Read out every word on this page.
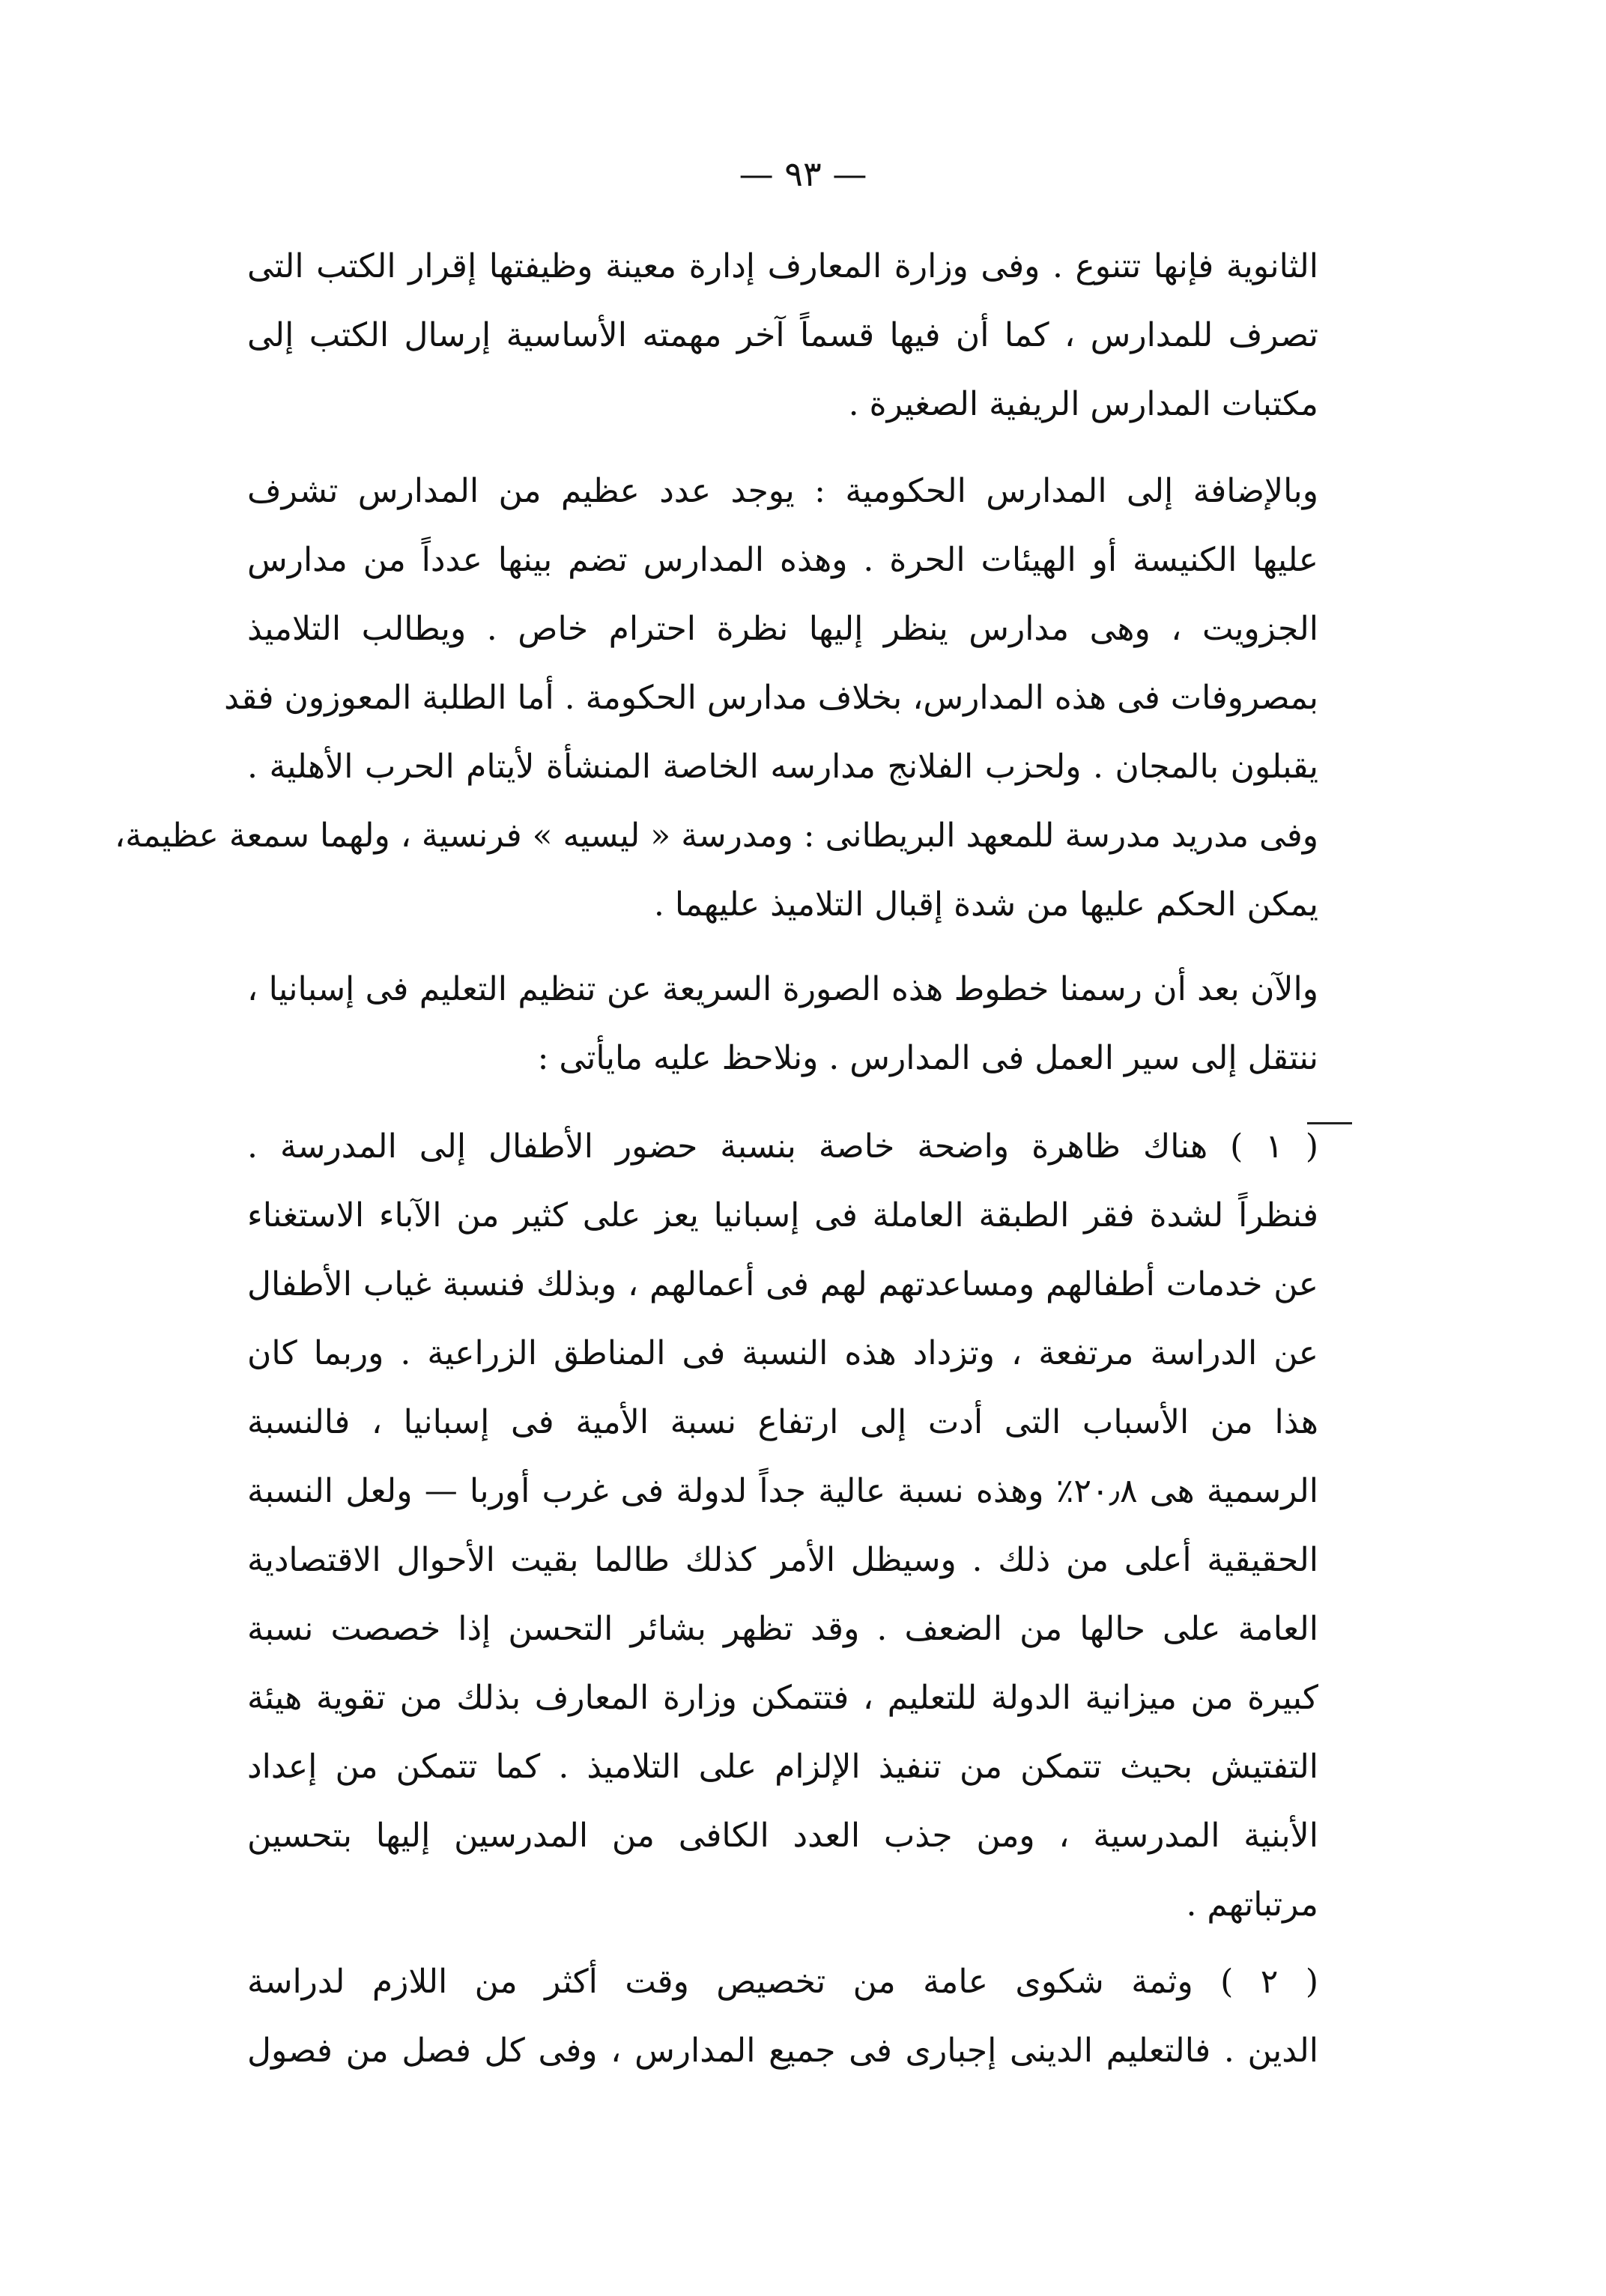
— ٩٣ —
الثانوية فإنها تتنوع . وفى وزارة المعارف إدارة معينة وظيفتها إقرار الكتب التى
تصرف للمدارس ، كما أن فيها قسماً آخر مهمته الأساسية إرسال الكتب إلى
مكتبات المدارس الريفية الصغيرة .
وبالإضافة إلى المدارس الحكومية : يوجد عدد عظيم من المدارس تشرف
عليها الكنيسة أو الهيئات الحرة . وهذه المدارس تضم بينها عدداً من مدارس
الجزويت ، وهى مدارس ينظر إليها نظرة احترام خاص . ويطالب التلاميذ
بمصروفات فى هذه المدارس، بخلاف مدارس الحكومة . أما الطلبة المعوزون فقد
يقبلون بالمجان . ولحزب الفلانج مدارسه الخاصة المنشأة لأيتام الحرب الأهلية .
وفى مدريد مدرسة للمعهد البريطانى : ومدرسة « ليسيه » فرنسية ، ولهما سمعة عظيمة،
يمكن الحكم عليها من شدة إقبال التلاميذ عليهما .
والآن بعد أن رسمنا خطوط هذه الصورة السريعة عن تنظيم التعليم فى إسبانيا ،
ننتقل إلى سير العمل فى المدارس . ونلاحظ عليه مايأتى :
( ١ ) هناك ظاهرة واضحة خاصة بنسبة حضور الأطفال إلى المدرسة .
فنظراً لشدة فقر الطبقة العاملة فى إسبانيا يعز على كثير من الآباء الاستغناء
عن خدمات أطفالهم ومساعدتهم لهم فى أعمالهم ، وبذلك فنسبة غياب الأطفال
عن الدراسة مرتفعة ، وتزداد هذه النسبة فى المناطق الزراعية . وربما كان
هذا من الأسباب التى أدت إلى ارتفاع نسبة الأمية فى إسبانيا ، فالنسبة
الرسمية هى ٢٠٫٨٪ وهذه نسبة عالية جداً لدولة فى غرب أوربا — ولعل النسبة
الحقيقية أعلى من ذلك . وسيظل الأمر كذلك طالما بقيت الأحوال الاقتصادية
العامة على حالها من الضعف . وقد تظهر بشائر التحسن إذا خصصت نسبة
كبيرة من ميزانية الدولة للتعليم ، فتتمكن وزارة المعارف بذلك من تقوية هيئة
التفتيش بحيث تتمكن من تنفيذ الإلزام على التلاميذ . كما تتمكن من إعداد
الأبنية المدرسية ، ومن جذب العدد الكافى من المدرسين إليها بتحسين
مرتباتهم .
( ٢ ) وثمة شكوى عامة من تخصيص وقت أكثر من اللازم لدراسة
الدين . فالتعليم الدينى إجبارى فى جميع المدارس ، وفى كل فصل من فصول
